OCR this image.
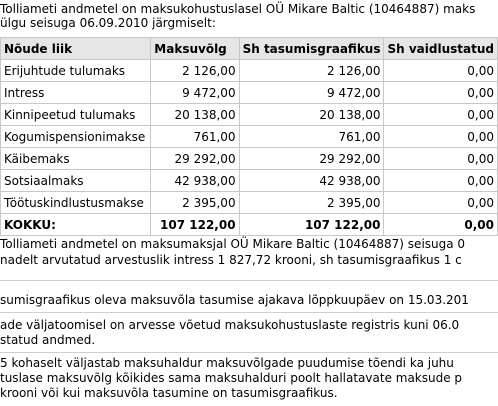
Tolliameti andmetel on maksukohustuslasel OÜ Mikare Baltic (10464887) maks
ülgu seisuga 06.09.2010 järgmiselt:
Nõude liik	Maksuvõlg	Sh tasumisgraafikus	Sh vaidlustatud
Erijuhtude tulumaks	2 126,00	2 126,00	0,00
Intress	9 472,00	9 472,00	0,00
Kinnipeetud tulumaks	20 138,00	20 138,00	0,00
Kogumispensionimakse	761,00	761,00	0,00
Käibemaks	29 292,00	29 292,00	0,00
Sotsiaalmaks	42 938,00	42 938,00	0,00
Töötuskindlustusmakse	2 395,00	2 395,00	0,00
KOKKU:	107 122,00	107 122,00	0,00
Tolliameti andmetel on maksumaksjal OÜ Mikare Baltic (10464887) seisuga 0
nadelt arvutatud arvestuslik intress 1 827,72 krooni, sh tasumisgraafikus 1 c
sumisgraafikus oleva maksuvõla tasumise ajakava lõppkuupäev on 15.03.201
ade väljatoomisel on arvesse võetud maksukohustuslaste registris kuni 06.0
statud andmed.
5 kohaselt väljastab maksuhaldur maksuvõlgade puudumise tõendi ka juhu
tuslase maksuvõlg kõikides sama maksuhalduri poolt hallatavate maksude p
krooni või kui maksuvõla tasumine on tasumisgraafikus.
